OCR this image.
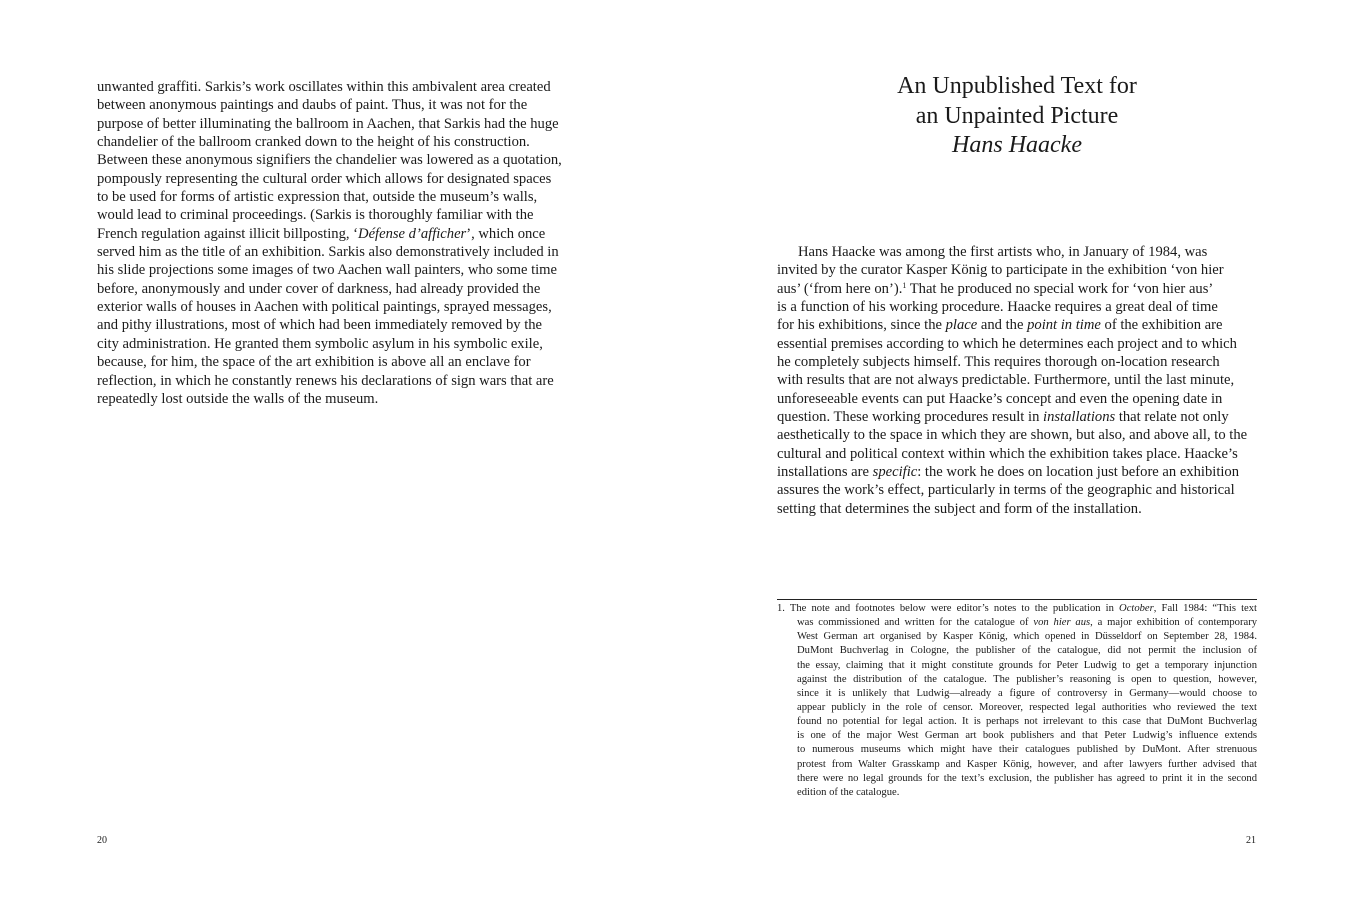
unwanted graffiti. Sarkis’s work oscillates within this ambivalent area created
between anonymous paintings and daubs of paint. Thus, it was not for the
purpose of better illuminating the ballroom in Aachen, that Sarkis had the huge
chandelier of the ballroom cranked down to the height of his construction.
Between these anonymous signifiers the chandelier was lowered as a quotation,
pompously representing the cultural order which allows for designated spaces
to be used for forms of artistic expression that, outside the museum’s walls,
would lead to criminal proceedings. (Sarkis is thoroughly familiar with the
French regulation against illicit billposting, ‘Défense d’afficher’, which once
served him as the title of an exhibition. Sarkis also demonstratively included in
his slide projections some images of two Aachen wall painters, who some time
before, anonymously and under cover of darkness, had already provided the
exterior walls of houses in Aachen with political paintings, sprayed messages,
and pithy illustrations, most of which had been immediately removed by the
city administration. He granted them symbolic asylum in his symbolic exile,
because, for him, the space of the art exhibition is above all an enclave for
reflection, in which he constantly renews his declarations of sign wars that are
repeatedly lost outside the walls of the museum.
20
An Unpublished Text for
an Unpainted Picture
Hans Haacke
Hans Haacke was among the first artists who, in January of 1984, was
invited by the curator Kasper König to participate in the exhibition ‘von hier
aus’ (‘from here on’).$^1$ That he produced no special work for ‘von hier aus’
is a function of his working procedure. Haacke requires a great deal of time
for his exhibitions, since the place and the point in time of the exhibition are
essential premises according to which he determines each project and to which
he completely subjects himself. This requires thorough on-location research
with results that are not always predictable. Furthermore, until the last minute,
unforeseeable events can put Haacke’s concept and even the opening date in
question. These working procedures result in installations that relate not only
aesthetically to the space in which they are shown, but also, and above all, to the
cultural and political context within which the exhibition takes place. Haacke’s
installations are specific: the work he does on location just before an exhibition
assures the work’s effect, particularly in terms of the geographic and historical
setting that determines the subject and form of the installation.
1. The note and footnotes below were editor’s notes to the publication in October, Fall 1984: “This text
was commissioned and written for the catalogue of von hier aus, a major exhibition of contemporary
West German art organised by Kasper König, which opened in Düsseldorf on September 28, 1984.
DuMont Buchverlag in Cologne, the publisher of the catalogue, did not permit the inclusion of
the essay, claiming that it might constitute grounds for Peter Ludwig to get a temporary injunction
against the distribution of the catalogue. The publisher’s reasoning is open to question, however,
since it is unlikely that Ludwig—already a figure of controversy in Germany—would choose to
appear publicly in the role of censor. Moreover, respected legal authorities who reviewed the text
found no potential for legal action. It is perhaps not irrelevant to this case that DuMont Buchverlag
is one of the major West German art book publishers and that Peter Ludwig’s influence extends
to numerous museums which might have their catalogues published by DuMont. After strenuous
protest from Walter Grasskamp and Kasper König, however, and after lawyers further advised that
there were no legal grounds for the text’s exclusion, the publisher has agreed to print it in the second
edition of the catalogue.
21
